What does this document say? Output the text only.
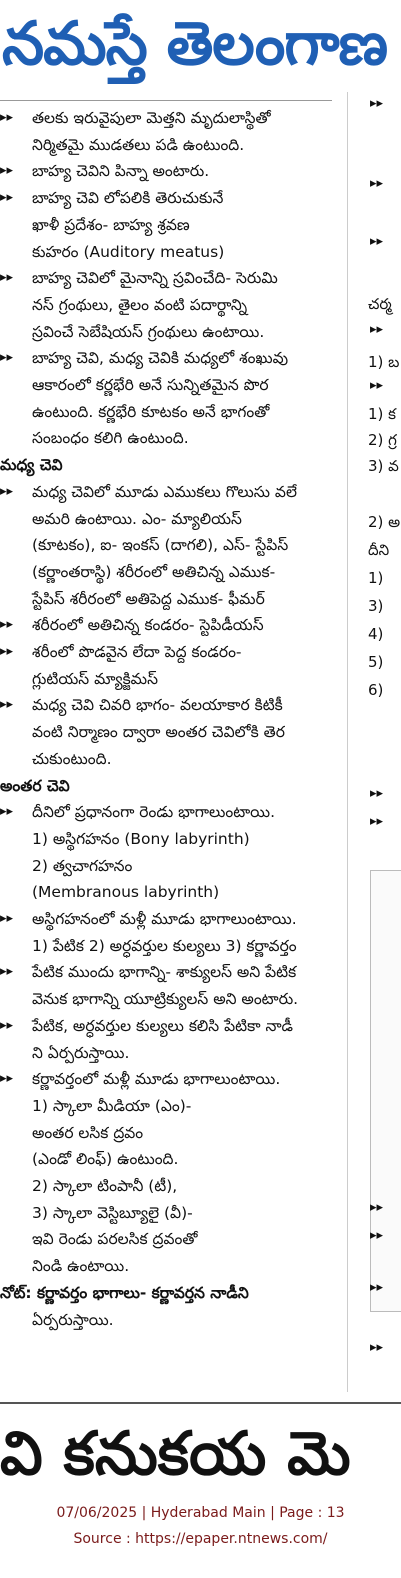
నమస్తే తెలంగాణ
▸▸ తలకు ఇరువైపులా మెత్తని మృదులాస్థితో
నిర్మితమై ముడతలు పడి ఉంటుంది.
▸▸ బాహ్య చెవిని పిన్నా అంటారు.
▸▸ బాహ్య చెవి లోపలికి తెరుచుకునే
ఖాళీ ప్రదేశం- బాహ్య శ్రవణ
కుహరం (Auditory meatus)
▸▸ బాహ్య చెవిలో మైనాన్ని స్రవించేది- సెరుమి
నస్ గ్రంథులు, తైలం వంటి పదార్థాన్ని
స్రవించే సెబేషియస్ గ్రంథులు ఉంటాయి.
▸▸ బాహ్య చెవి, మధ్య చెవికి మధ్యలో శంఖువు
ఆకారంలో కర్ణభేరి అనే సున్నితమైన పొర
ఉంటుంది. కర్ణభేరి కూటకం అనే భాగంతో
సంబంధం కలిగి ఉంటుంది.
మధ్య చెవి
▸▸ మధ్య చెవిలో మూడు ఎముకలు గొలుసు వలే
అమరి ఉంటాయి. ఎం- మ్యాలియస్
(కూటకం), ఐ- ఇంకస్ (దాగలి), ఎస్- స్టేపిస్
(కర్ణాంతరాస్థి) శరీరంలో అతిచిన్న ఎముక-
స్టేపిస్ శరీరంలో అతిపెద్ద ఎముక- ఫీమర్
▸▸ శరీరంలో అతిచిన్న కండరం- స్టెపిడీయస్
▸▸ శరీంలో పొడవైన లేదా పెద్ద కండరం-
గ్లుటియస్ మ్యాక్జిమస్
▸▸ మధ్య చెవి చివరి భాగం- వలయాకార కిటికీ
వంటి నిర్మాణం ద్వారా అంతర చెవిలోకి తెర
చుకుంటుంది.
అంతర చెవి
▸▸ దీనిలో ప్రధానంగా రెండు భాగాలుంటాయి.
1) అస్థిగహనం (Bony labyrinth)
2) త్వచాగహనం
(Membranous labyrinth)
▸▸ అస్థిగహనంలో మళ్లీ మూడు భాగాలుంటాయి.
1) పేటిక 2) అర్ధవర్తుల కుల్యలు 3) కర్ణావర్తం
▸▸ పేటిక ముందు భాగాన్ని- శాక్యులస్ అని పేటిక
వెనుక భాగాన్ని యూట్రిక్యులస్ అని అంటారు.
▸▸ పేటిక, అర్ధవర్తుల కుల్యలు కలిసి పేటికా నాడీ
ని ఏర్పరుస్తాయి.
▸▸ కర్ణావర్తంలో మళ్లీ మూడు భాగాలుంటాయి.
1) స్కాలా మీడియా (ఎం)-
అంతర లసిక ద్రవం
(ఎండో లింఫ్) ఉంటుంది.
2) స్కాలా టింపానీ (టీ),
3) స్కాలా వెస్టిబ్యూలై (వీ)-
ఇవి రెండు పరలసిక ద్రవంతో
నిండి ఉంటాయి.
నోట్: కర్ణావర్తం భాగాలు- కర్ణావర్తన నాడీని
ఏర్పరుస్తాయి.
చర్మ
1) బ
1) క
2) గ్ర
3) వ
2) అ
దీని
1)
3)
4)
5)
6)
▸▸
▸▸
▸▸
▸▸
▸▸
▸▸
▸▸
▸▸
▸▸
▸▸
▸▸
వి కనుకయ మె
07/06/2025 | Hyderabad Main | Page : 13
Source : https://epaper.ntnews.com/
